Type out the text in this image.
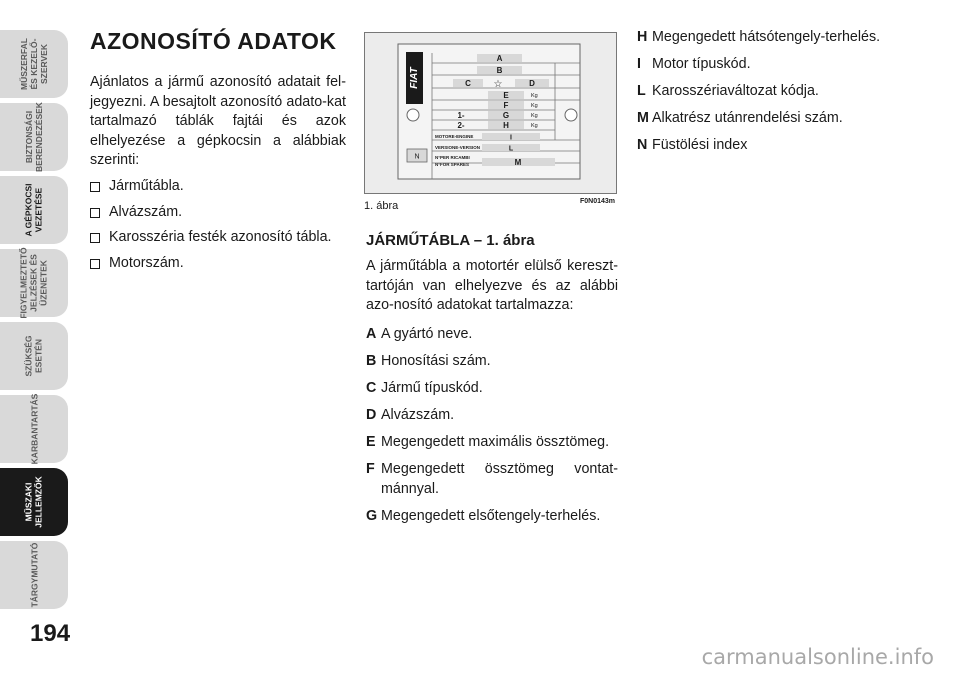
MŰSZERFAL
ÉS KEZELŐ-
SZERVEK
BIZTONSÁGI
BERENDEZÉSEK
A GÉPKOCSI
VEZETÉSE
FIGYELMEZTETŐ
JELZÉSEK ÉS
ÜZENETEK
SZÜKSÉG
ESETÉN
KARBANTARTÁS
MŰSZAKI
JELLEMZŐK
TÁRGYMUTATÓ
194
AZONOSÍTÓ ADATOK

Ajánlatos a jármű azonosító adatait fel-jegyezni. A besajtolt azonosító adato-kat tartalmazó táblák fajtái és azok elhelyezése a gépkocsin a alábbiak szerinti:

Járműtábla.
Alvázszám.
Karosszéria festék azonosító tábla.
Motorszám.
FIAT
A
B
C ☆	D
E
F
G
H
1-
2-
I
L
M
N
Kg
Kg
Kg
Kg
MOTORE-ENGINE
VERSIONE-VERSION
N°PER RICAMBI
N°FOR SPARES
1. ábra	F0N0143m
JÁRMŰTÁBLA – 1. ábra

A járműtábla a motortér elülső kereszt-tartóján van elhelyezve és az alábbi azo-nosító adatokat tartalmazza:

A A gyártó neve.
B Honosítási szám.
C Jármű típuskód.
D Alvázszám.
E Megengedett maximális össztömeg.
F Megengedett össztömeg vontat-mánnyal.
G Megengedett elsőtengely-terhelés.
H Megengedett hátsótengely-terhelés.
I Motor típuskód.
L Karosszériaváltozat kódja.
M Alkatrész utánrendelési szám.
N Füstölési index
carmanualsonline.info
